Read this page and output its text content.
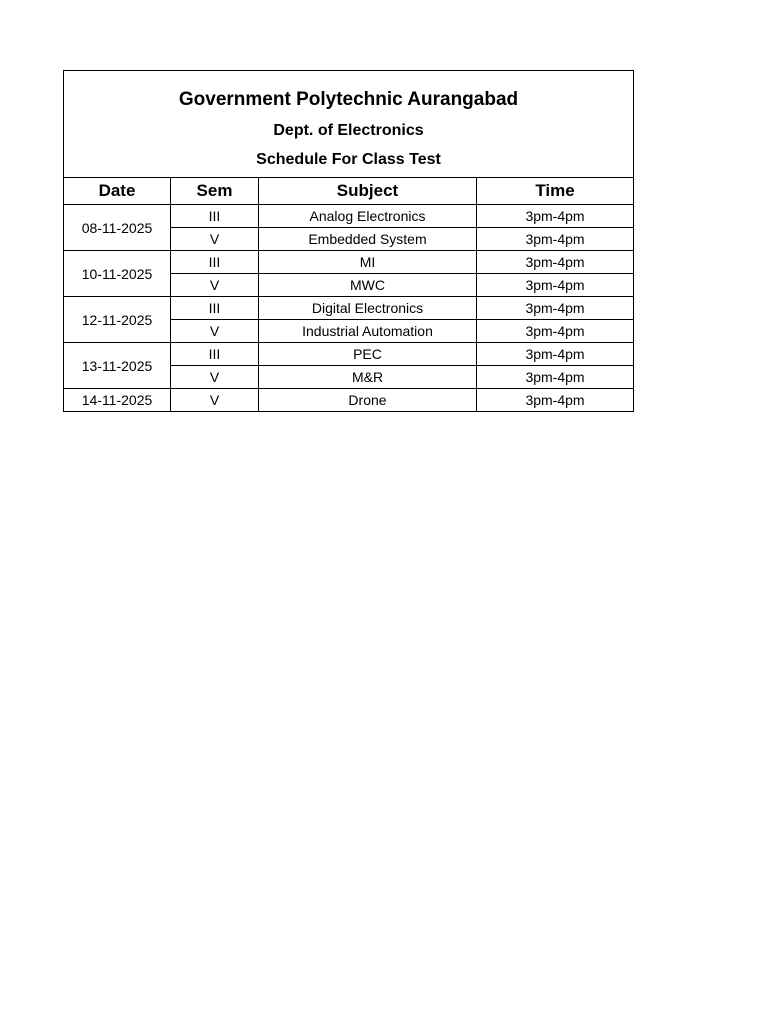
Government Polytechnic Aurangabad
Dept. of Electronics
Schedule For Class Test			

Date	Sem	Subject	Time
08-11-2025	III	Analog Electronics	3pm-4pm
	V	Embedded System	3pm-4pm
10-11-2025	III	MI	3pm-4pm
	V	MWC	3pm-4pm
12-11-2025	III	Digital Electronics	3pm-4pm
	V	Industrial Automation	3pm-4pm
13-11-2025	III	PEC	3pm-4pm
	V	M&R	3pm-4pm
14-11-2025	V	Drone	3pm-4pm
